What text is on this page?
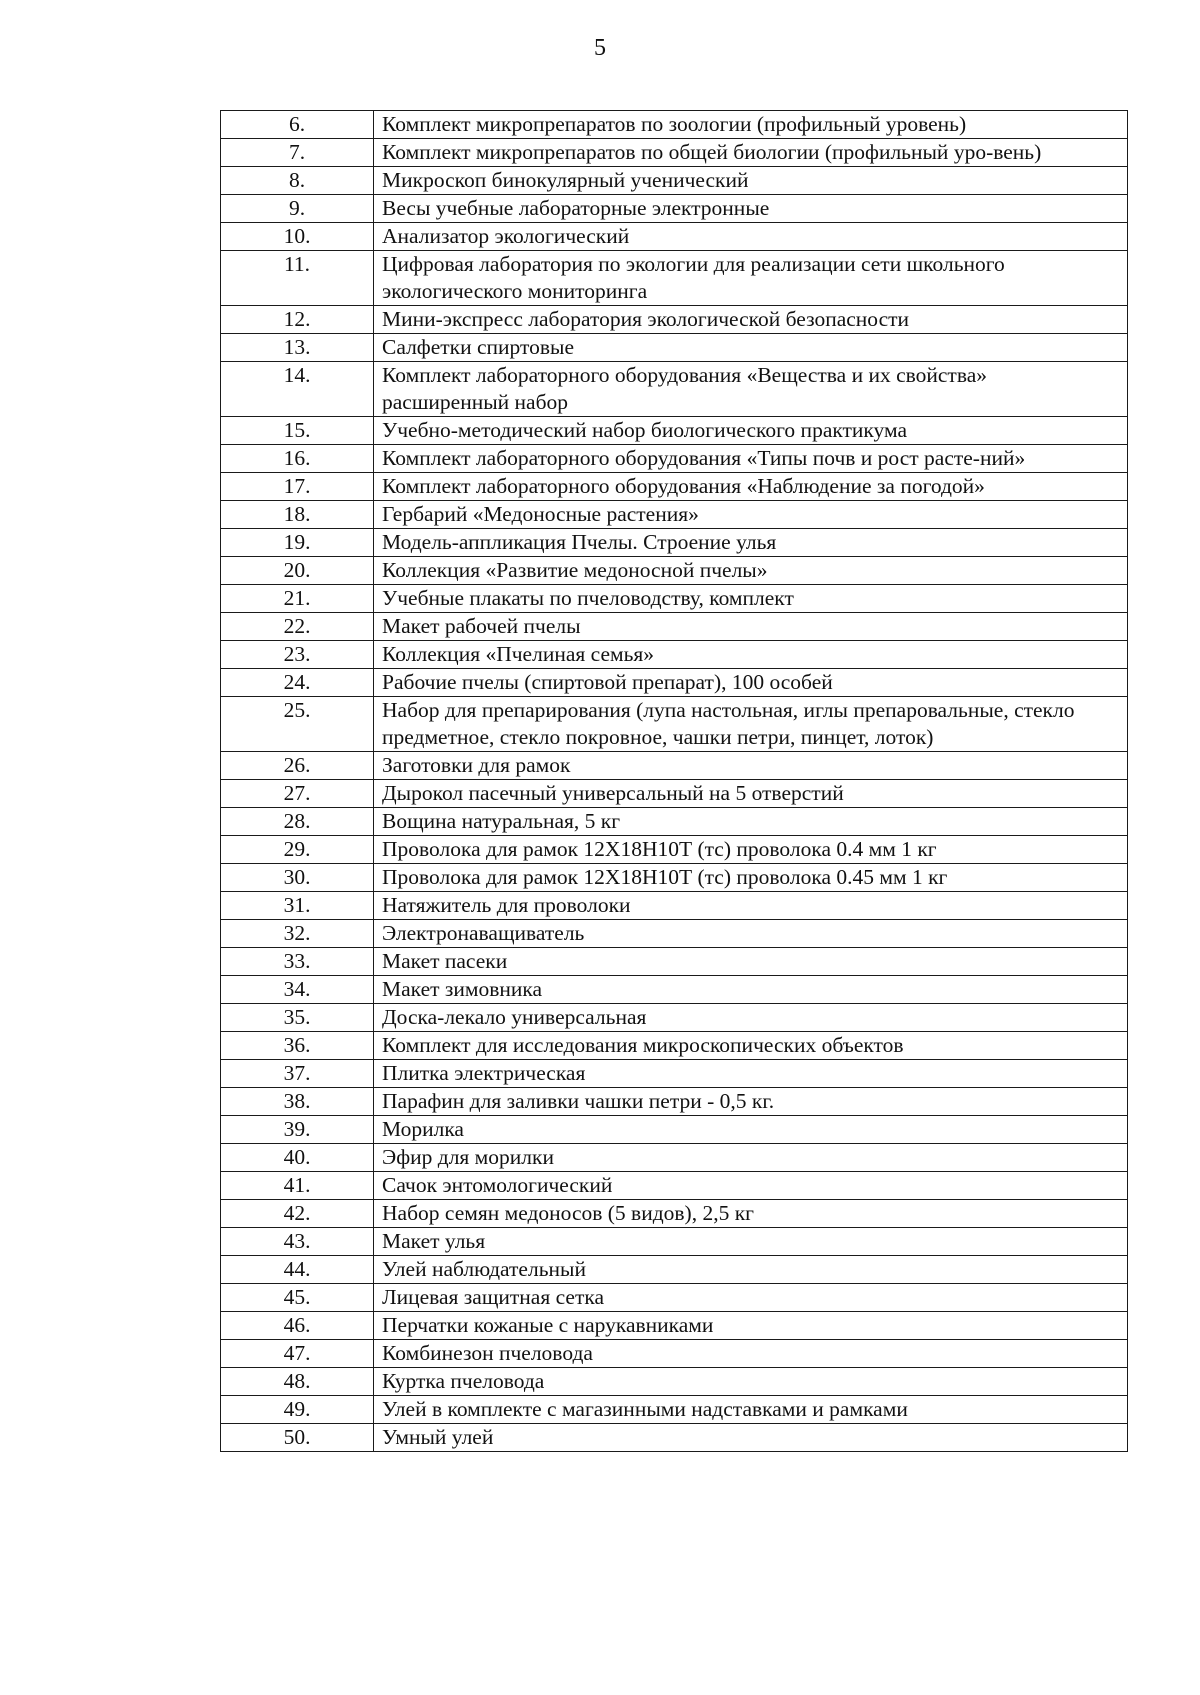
5
6.	Комплект микропрепаратов по зоологии (профильный уровень)
7.	Комплект микропрепаратов по общей биологии (профильный уро-вень)
8.	Микроскоп бинокулярный ученический
9.	Весы учебные лабораторные электронные
10.	Анализатор экологический
11.	Цифровая лаборатория по экологии для реализации сети школьного экологического мониторинга
12.	Мини-экспресс лаборатория экологической безопасности
13.	Салфетки спиртовые
14.	Комплект лабораторного оборудования «Вещества и их свойства» расширенный набор
15.	Учебно-методический набор биологического практикума
16.	Комплект лабораторного оборудования «Типы почв и рост расте-ний»
17.	Комплект лабораторного оборудования «Наблюдение за погодой»
18.	Гербарий «Медоносные растения»
19.	Модель-аппликация Пчелы. Строение улья
20.	Коллекция «Развитие медоносной пчелы»
21.	Учебные плакаты по пчеловодству, комплект
22.	Макет рабочей пчелы
23.	Коллекция «Пчелиная семья»
24.	Рабочие пчелы (спиртовой препарат), 100 особей
25.	Набор для препарирования (лупа настольная, иглы препаровальные, стекло предметное, стекло покровное, чашки петри, пинцет, лоток)
26.	Заготовки для рамок
27.	Дырокол пасечный универсальный на 5 отверстий
28.	Вощина натуральная, 5 кг
29.	Проволока для рамок 12Х18Н10Т (тс) проволока 0.4 мм 1 кг
30.	Проволока для рамок 12Х18Н10Т (тс) проволока 0.45 мм 1 кг
31.	Натяжитель для проволоки
32.	Электронаващиватель
33.	Макет пасеки
34.	Макет зимовника
35.	Доска-лекало универсальная
36.	Комплект для исследования микроскопических объектов
37.	Плитка электрическая
38.	Парафин для заливки чашки петри - 0,5 кг.
39.	Морилка
40.	Эфир для морилки
41.	Сачок энтомологический
42.	Набор семян медоносов (5 видов), 2,5 кг
43.	Макет улья
44.	Улей наблюдательный
45.	Лицевая защитная сетка
46.	Перчатки кожаные с нарукавниками
47.	Комбинезон пчеловода
48.	Куртка пчеловода
49.	Улей в комплекте с магазинными надставками и рамками
50.	Умный улей
